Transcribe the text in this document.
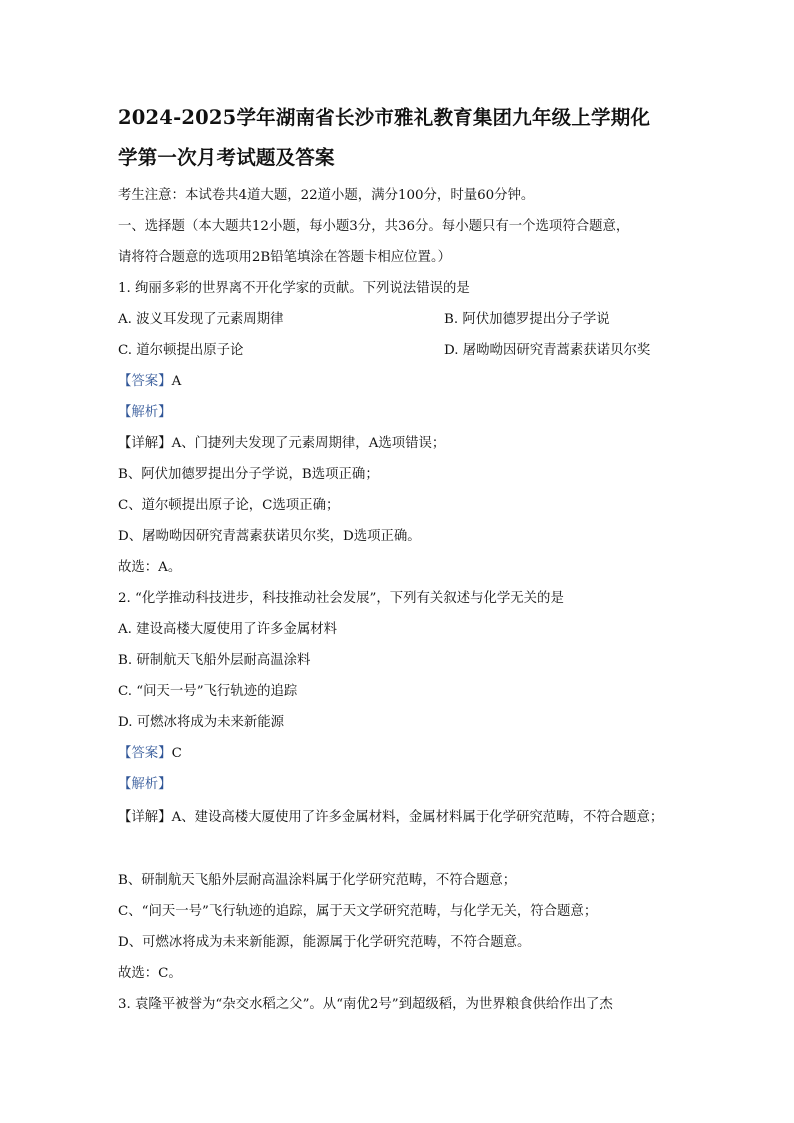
2024-2025学年湖南省长沙市雅礼教育集团九年级上学期化
学第一次月考试题及答案
考生注意：本试卷共4道大题，22道小题，满分100分，时量60分钟。
一、选择题（本大题共12小题，每小题3分，共36分。每小题只有一个选项符合题意，
请将符合题意的选项用2B铅笔填涂在答题卡相应位置。）
1. 绚丽多彩的世界离不开化学家的贡献。下列说法错误的是
A. 波义耳发现了元素周期律	B. 阿伏加德罗提出分子学说
C. 道尔顿提出原子论	D. 屠呦呦因研究青蒿素获诺贝尔奖
【答案】A
【解析】
【详解】A、门捷列夫发现了元素周期律，A选项错误；
B、阿伏加德罗提出分子学说，B选项正确；
C、道尔顿提出原子论，C选项正确；
D、屠呦呦因研究青蒿素获诺贝尔奖，D选项正确。
故选：A。
2. “化学推动科技进步，科技推动社会发展”，下列有关叙述与化学无关的是
A. 建设高楼大厦使用了许多金属材料
B. 研制航天飞船外层耐高温涂料
C. “问天一号”飞行轨迹的追踪
D. 可燃冰将成为未来新能源
【答案】C
【解析】
【详解】A、建设高楼大厦使用了许多金属材料，金属材料属于化学研究范畴，不符合题意；
B、研制航天飞船外层耐高温涂料属于化学研究范畴，不符合题意；
C、“问天一号”飞行轨迹的追踪，属于天文学研究范畴，与化学无关，符合题意；
D、可燃冰将成为未来新能源，能源属于化学研究范畴，不符合题意。
故选：C。
3. 袁隆平被誉为“杂交水稻之父”。从“南优2号”到超级稻，为世界粮食供给作出了杰
